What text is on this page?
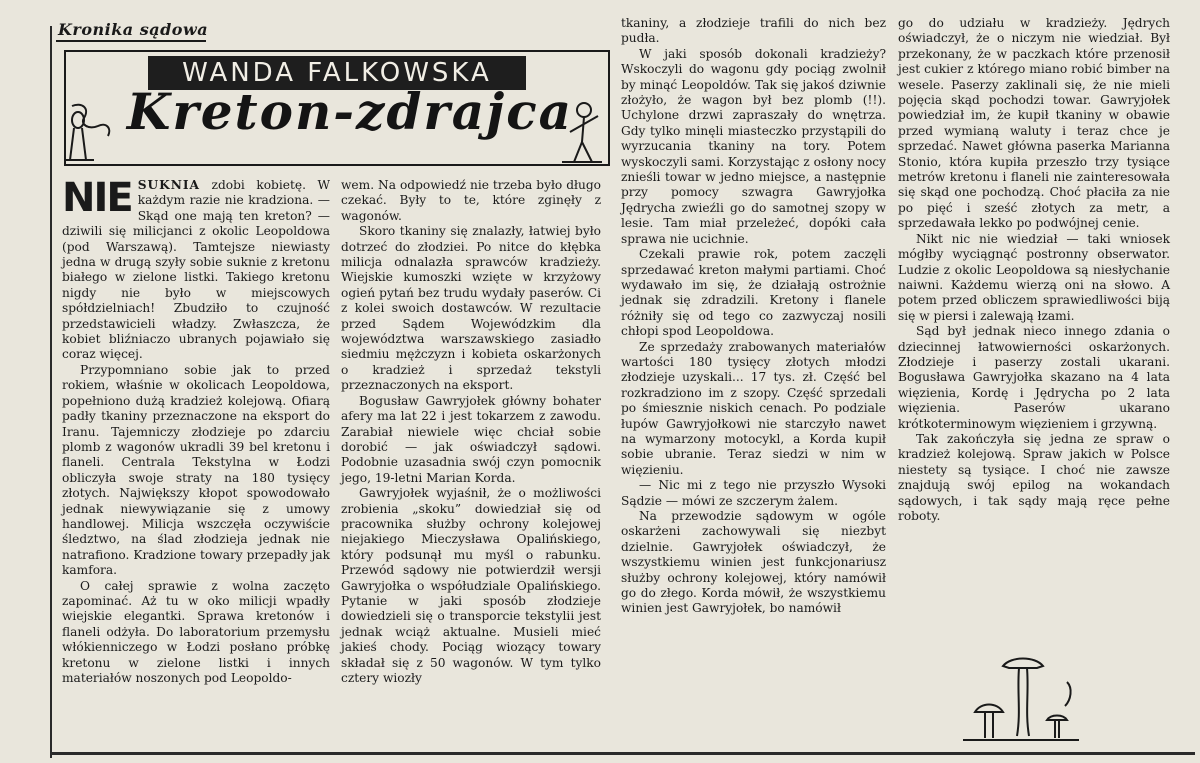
Kronika sądowa
WANDA FALKOWSKA
Kreton-zdrajca

NIE SUKNIA zdobi kobietę. W każdym razie nie kradziona. — Skąd one mają ten kreton? — dziwili się milicjanci z okolic Leopoldowa (pod Warszawą). Tamtejsze niewiasty jedna w drugą szyły sobie suknie z kretonu białego w zielone listki. Takiego kretonu nigdy nie było w miejscowych spółdzielniach! Zbudziło to czujność przedstawicieli władzy. Zwłaszcza, że kobiet bliźniaczo ubranych pojawiało się coraz więcej.

Przypomniano sobie jak to przed rokiem, właśnie w okolicach Leopoldowa, popełniono dużą kradzież kolejową. Ofiarą padły tkaniny przeznaczone na eksport do Iranu. Tajemniczy złodzieje po zdarciu plomb z wagonów ukradli 39 bel kretonu i flaneli. Centrala Tekstylna w Łodzi obliczyła swoje straty na 180 tysięcy złotych. Największy kłopot spowodowało jednak niewywiązanie się z umowy handlowej. Milicja wszczęła oczywiście śledztwo, na ślad złodzieja jednak nie natrafiono. Kradzione towary przepadły jak kamfora.

O całej sprawie z wolna zaczęto zapominać. Aż tu w oko milicji wpadły wiejskie elegantki. Sprawa kretonów i flaneli odżyła. Do laboratorium przemysłu włókienniczego w Łodzi posłano próbkę kretonu w zielone listki i innych materiałów noszonych pod Leopoldo-

wem. Na odpowiedź nie trzeba było długo czekać. Były to te, które zginęły z wagonów.

Skoro tkaniny się znalazły, łatwiej było dotrzeć do złodziei. Po nitce do kłębka milicja odnalazła sprawców kradzieży. Wiejskie kumoszki wzięte w krzyżowy ogień pytań bez trudu wydały paserów. Ci z kolei swoich dostawców. W rezultacie przed Sądem Wojewódzkim dla województwa warszawskiego zasiadło siedmiu mężczyzn i kobieta oskarżonych o kradzież i sprzedaż tekstyli przeznaczonych na eksport.

Bogusław Gawryjołek główny bohater afery ma lat 22 i jest tokarzem z zawodu. Zarabiał niewiele więc chciał sobie dorobić — jak oświadczył sądowi. Podobnie uzasadnia swój czyn pomocnik jego, 19-letni Marian Korda.

Gawryjołek wyjaśnił, że o możliwości zrobienia „skoku” dowiedział się od pracownika służby ochrony kolejowej niejakiego Mieczysława Opalińskiego, który podsunął mu myśl o rabunku. Przewód sądowy nie potwierdził wersji Gawryjołka o współudziale Opalińskiego. Pytanie w jaki sposób złodzieje dowiedzieli się o transporcie tekstylii jest jednak wciąż aktualne. Musieli mieć jakieś chody. Pociąg wiozący towary składał się z 50 wagonów. W tym tylko cztery wiozły

tkaniny, a złodzieje trafili do nich bez pudła.

W jaki sposób dokonali kradzieży? Wskoczyli do wagonu gdy pociąg zwolnił by minąć Leopoldów. Tak się jakoś dziwnie złożyło, że wagon był bez plomb (!!). Uchylone drzwi zapraszały do wnętrza. Gdy tylko minęli miasteczko przystąpili do wyrzucania tkaniny na tory. Potem wyskoczyli sami. Korzystając z osłony nocy znieśli towar w jedno miejsce, a następnie przy pomocy szwagra Gawryjołka Jędrycha zwieźli go do samotnej szopy w lesie. Tam miał przeleżeć, dopóki cała sprawa nie ucichnie.

Czekali prawie rok, potem zaczęli sprzedawać kreton małymi partiami. Choć wydawało im się, że działają ostrożnie jednak się zdradzili. Kretony i flanele różniły się od tego co zazwyczaj nosili chłopi spod Leopoldowa.

Ze sprzedaży zrabowanych materiałów wartości 180 tysięcy złotych młodzi złodzieje uzyskali... 17 tys. zł. Część bel rozkradziono im z szopy. Część sprzedali po śmiesznie niskich cenach. Po podziale łupów Gawryjołkowi nie starczyło nawet na wymarzony motocykl, a Korda kupił sobie ubranie. Teraz siedzi w nim w więzieniu.

— Nic mi z tego nie przyszło Wysoki Sądzie — mówi ze szczerym żalem.

Na przewodzie sądowym w ogóle oskarżeni zachowywali się niezbyt dzielnie. Gawryjołek oświadczył, że wszystkiemu winien jest funkcjonariusz służby ochrony kolejowej, który namówił go do złego. Korda mówił, że wszystkiemu winien jest Gawryjołek, bo namówił

go do udziału w kradzieży. Jędrych oświadczył, że o niczym nie wiedział. Był przekonany, że w paczkach które przenosił jest cukier z którego miano robić bimber na wesele. Paserzy zaklinali się, że nie mieli pojęcia skąd pochodzi towar. Gawryjołek powiedział im, że kupił tkaniny w obawie przed wymianą waluty i teraz chce je sprzedać. Nawet główna paserka Marianna Stonio, która kupiła przeszło trzy tysiące metrów kretonu i flaneli nie zainteresowała się skąd one pochodzą. Choć płaciła za nie po pięć i sześć złotych za metr, a sprzedawała lekko po podwójnej cenie.

Nikt nic nie wiedział — taki wniosek mógłby wyciągnąć postronny obserwator. Ludzie z okolic Leopoldowa są niesłychanie naiwni. Każdemu wierzą oni na słowo. A potem przed obliczem sprawiedliwości biją się w piersi i zalewają łzami.

Sąd był jednak nieco innego zdania o dziecinnej łatwowierności oskarżonych. Złodzieje i paserzy zostali ukarani. Bogusława Gawryjołka skazano na 4 lata więzienia, Kordę i Jędrycha po 2 lata więzienia. Paserów ukarano krótkoterminowym więzieniem i grzywną.

Tak zakończyła się jedna ze spraw o kradzież kolejową. Spraw jakich w Polsce niestety są tysiące. I choć nie zawsze znajdują swój epilog na wokandach sądowych, i tak sądy mają ręce pełne roboty.
